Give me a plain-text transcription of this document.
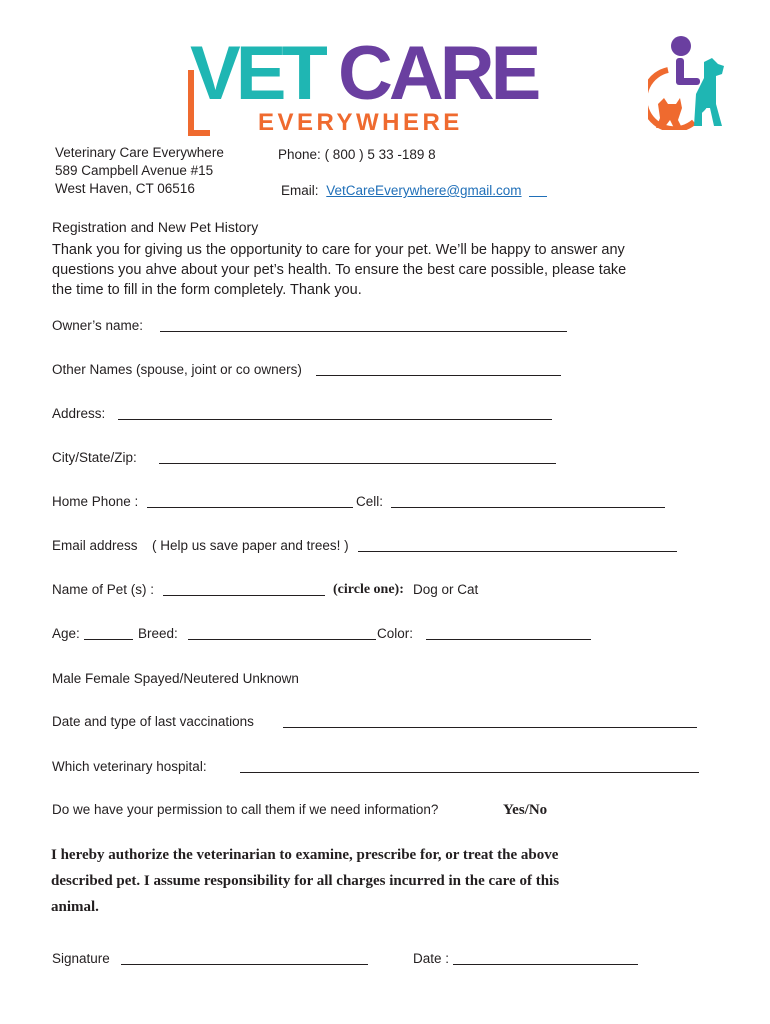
VET CARE
EVERYWHERE
Veterinary Care Everywhere
589 Campbell Avenue #15
West Haven, CT 06516
Phone: ( 800 ) 5 33 -189 8
Email: VetCareEverywhere@gmail.com
Registration and New Pet History
Thank you for giving us the opportunity to care for your pet. We’ll be happy to answer any
questions you ahve about your pet’s health. To ensure the best care possible, please take
the time to fill in the form completely. Thank you.
Owner’s name:
Other Names (spouse, joint or co owners)
Address:
City/State/Zip:
Home Phone :	Cell:
Email address ( Help us save paper and trees! )
Name of Pet (s) :	(circle one): Dog or Cat
Age:	Breed:	Color:
Male Female Spayed/Neutered Unknown
Date and type of last vaccinations
Which veterinary hospital:
Do we have your permission to call them if we need information?	Yes/No
I hereby authorize the veterinarian to examine, prescribe for, or treat the above
described pet. I assume responsibility for all charges incurred in the care of this
animal.
Signature	Date :
